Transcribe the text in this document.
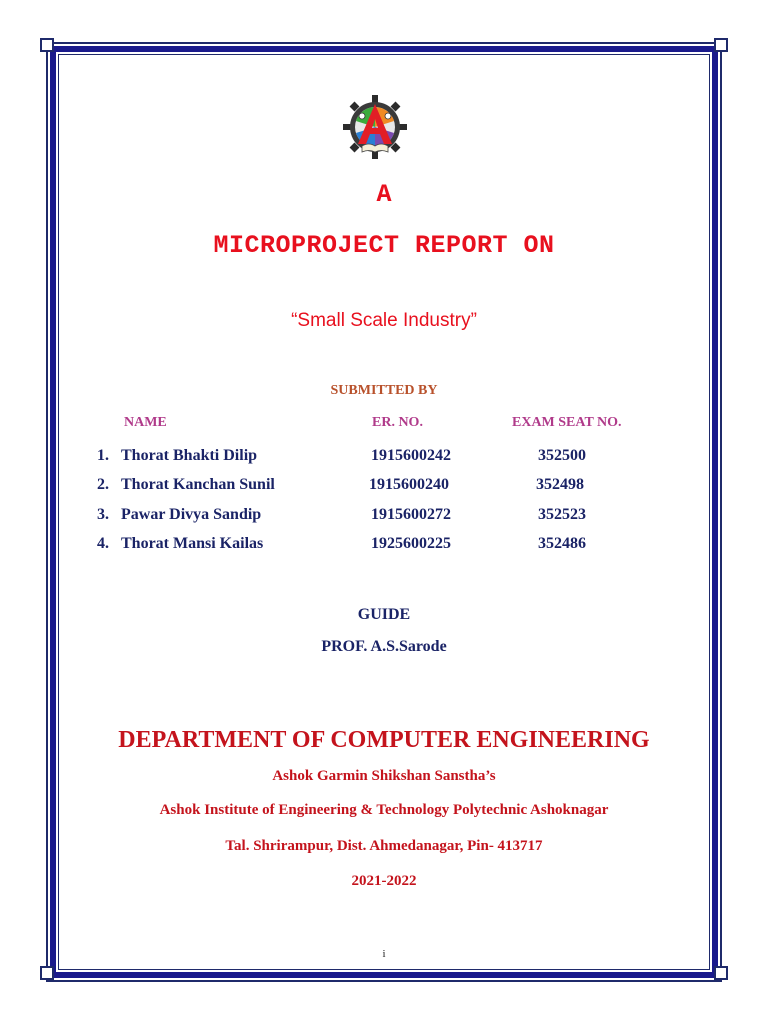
A
MICROPROJECT REPORT ON
“Small Scale Industry”
SUBMITTED BY
NAME	ER. NO.	EXAM SEAT NO.
1. Thorat Bhakti Dilip	1915600242	352500
2. Thorat Kanchan Sunil	1915600240	352498
3. Pawar Divya Sandip	1915600272	352523
4. Thorat Mansi Kailas	1925600225	352486
GUIDE
PROF. A.S.Sarode
DEPARTMENT OF COMPUTER ENGINEERING
Ashok Garmin Shikshan Sanstha’s
Ashok Institute of Engineering & Technology Polytechnic Ashoknagar
Tal. Shrirampur, Dist. Ahmedanagar, Pin- 413717
2021-2022
i
